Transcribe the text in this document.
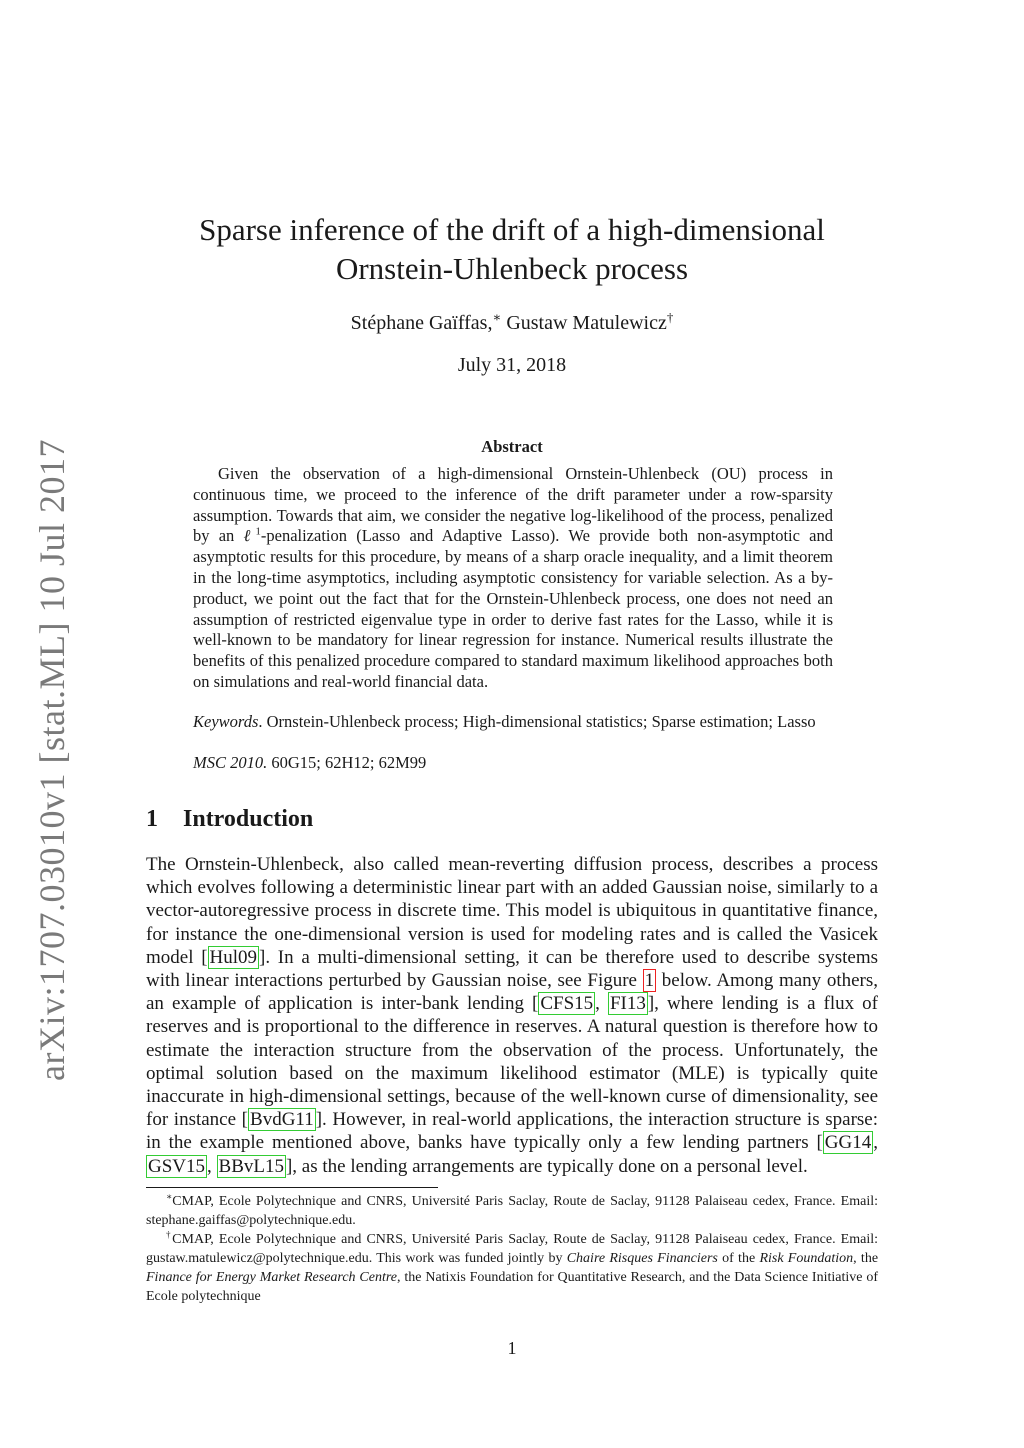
arXiv:1707.03010v1 [stat.ML] 10 Jul 2017
Sparse inference of the drift of a high-dimensional
Ornstein-Uhlenbeck process
Stéphane Gaïffas,∗ Gustaw Matulewicz†
July 31, 2018
Abstract

Given the observation of a high-dimensional Ornstein-Uhlenbeck (OU) process in continuous time, we proceed to the inference of the drift parameter under a row-sparsity assumption. Towards that aim, we consider the negative log-likelihood of the process, penalized by an ℓ$^1$-penalization (Lasso and Adaptive Lasso). We provide both non-asymptotic and asymptotic results for this procedure, by means of a sharp oracle inequality, and a limit theorem in the long-time asymptotics, including asymptotic consistency for variable selection. As a by-product, we point out the fact that for the Ornstein-Uhlenbeck process, one does not need an assumption of restricted eigenvalue type in order to derive fast rates for the Lasso, while it is well-known to be mandatory for linear regression for instance. Numerical results illustrate the benefits of this penalized procedure compared to standard maximum likelihood approaches both on simulations and real-world financial data.

Keywords. Ornstein-Uhlenbeck process; High-dimensional statistics; Sparse estimation; Lasso
MSC 2010. 60G15; 62H12; 62M99
1 Introduction

The Ornstein-Uhlenbeck, also called mean-reverting diffusion process, describes a process which evolves following a deterministic linear part with an added Gaussian noise, similarly to a vector-autoregressive process in discrete time. This model is ubiquitous in quantitative finance, for instance the one-dimensional version is used for modeling rates and is called the Vasicek model [ Hul09 ]. In a multi-dimensional setting, it can be therefore used to describe systems with linear interactions perturbed by Gaussian noise, see Figure 1 below. Among many others, an example of application is inter-bank lending [ CFS15 , FI13 ], where lending is a flux of reserves and is proportional to the difference in reserves. A natural question is therefore how to estimate the interaction structure from the observation of the process. Unfortunately, the optimal solution based on the maximum likelihood estimator (MLE) is typically quite inaccurate in high-dimensional settings, because of the well-known curse of dimensionality, see for instance [ BvdG11 ]. However, in real-world applications, the interaction structure is sparse: in the example mentioned above, banks have typically only a few lending partners [ GG14 , GSV15 , BBvL15 ], as the lending arrangements are typically done on a personal level.

∗CMAP, Ecole Polytechnique and CNRS, Université Paris Saclay, Route de Saclay, 91128 Palaiseau cedex, France. Email: stephane.gaiffas@polytechnique.edu.

†CMAP, Ecole Polytechnique and CNRS, Université Paris Saclay, Route de Saclay, 91128 Palaiseau cedex, France. Email: gustaw.matulewicz@polytechnique.edu. This work was funded jointly by Chaire Risques Financiers of the Risk Foundation, the Finance for Energy Market Research Centre, the Natixis Foundation for Quantitative Research, and the Data Science Initiative of Ecole polytechnique

1
